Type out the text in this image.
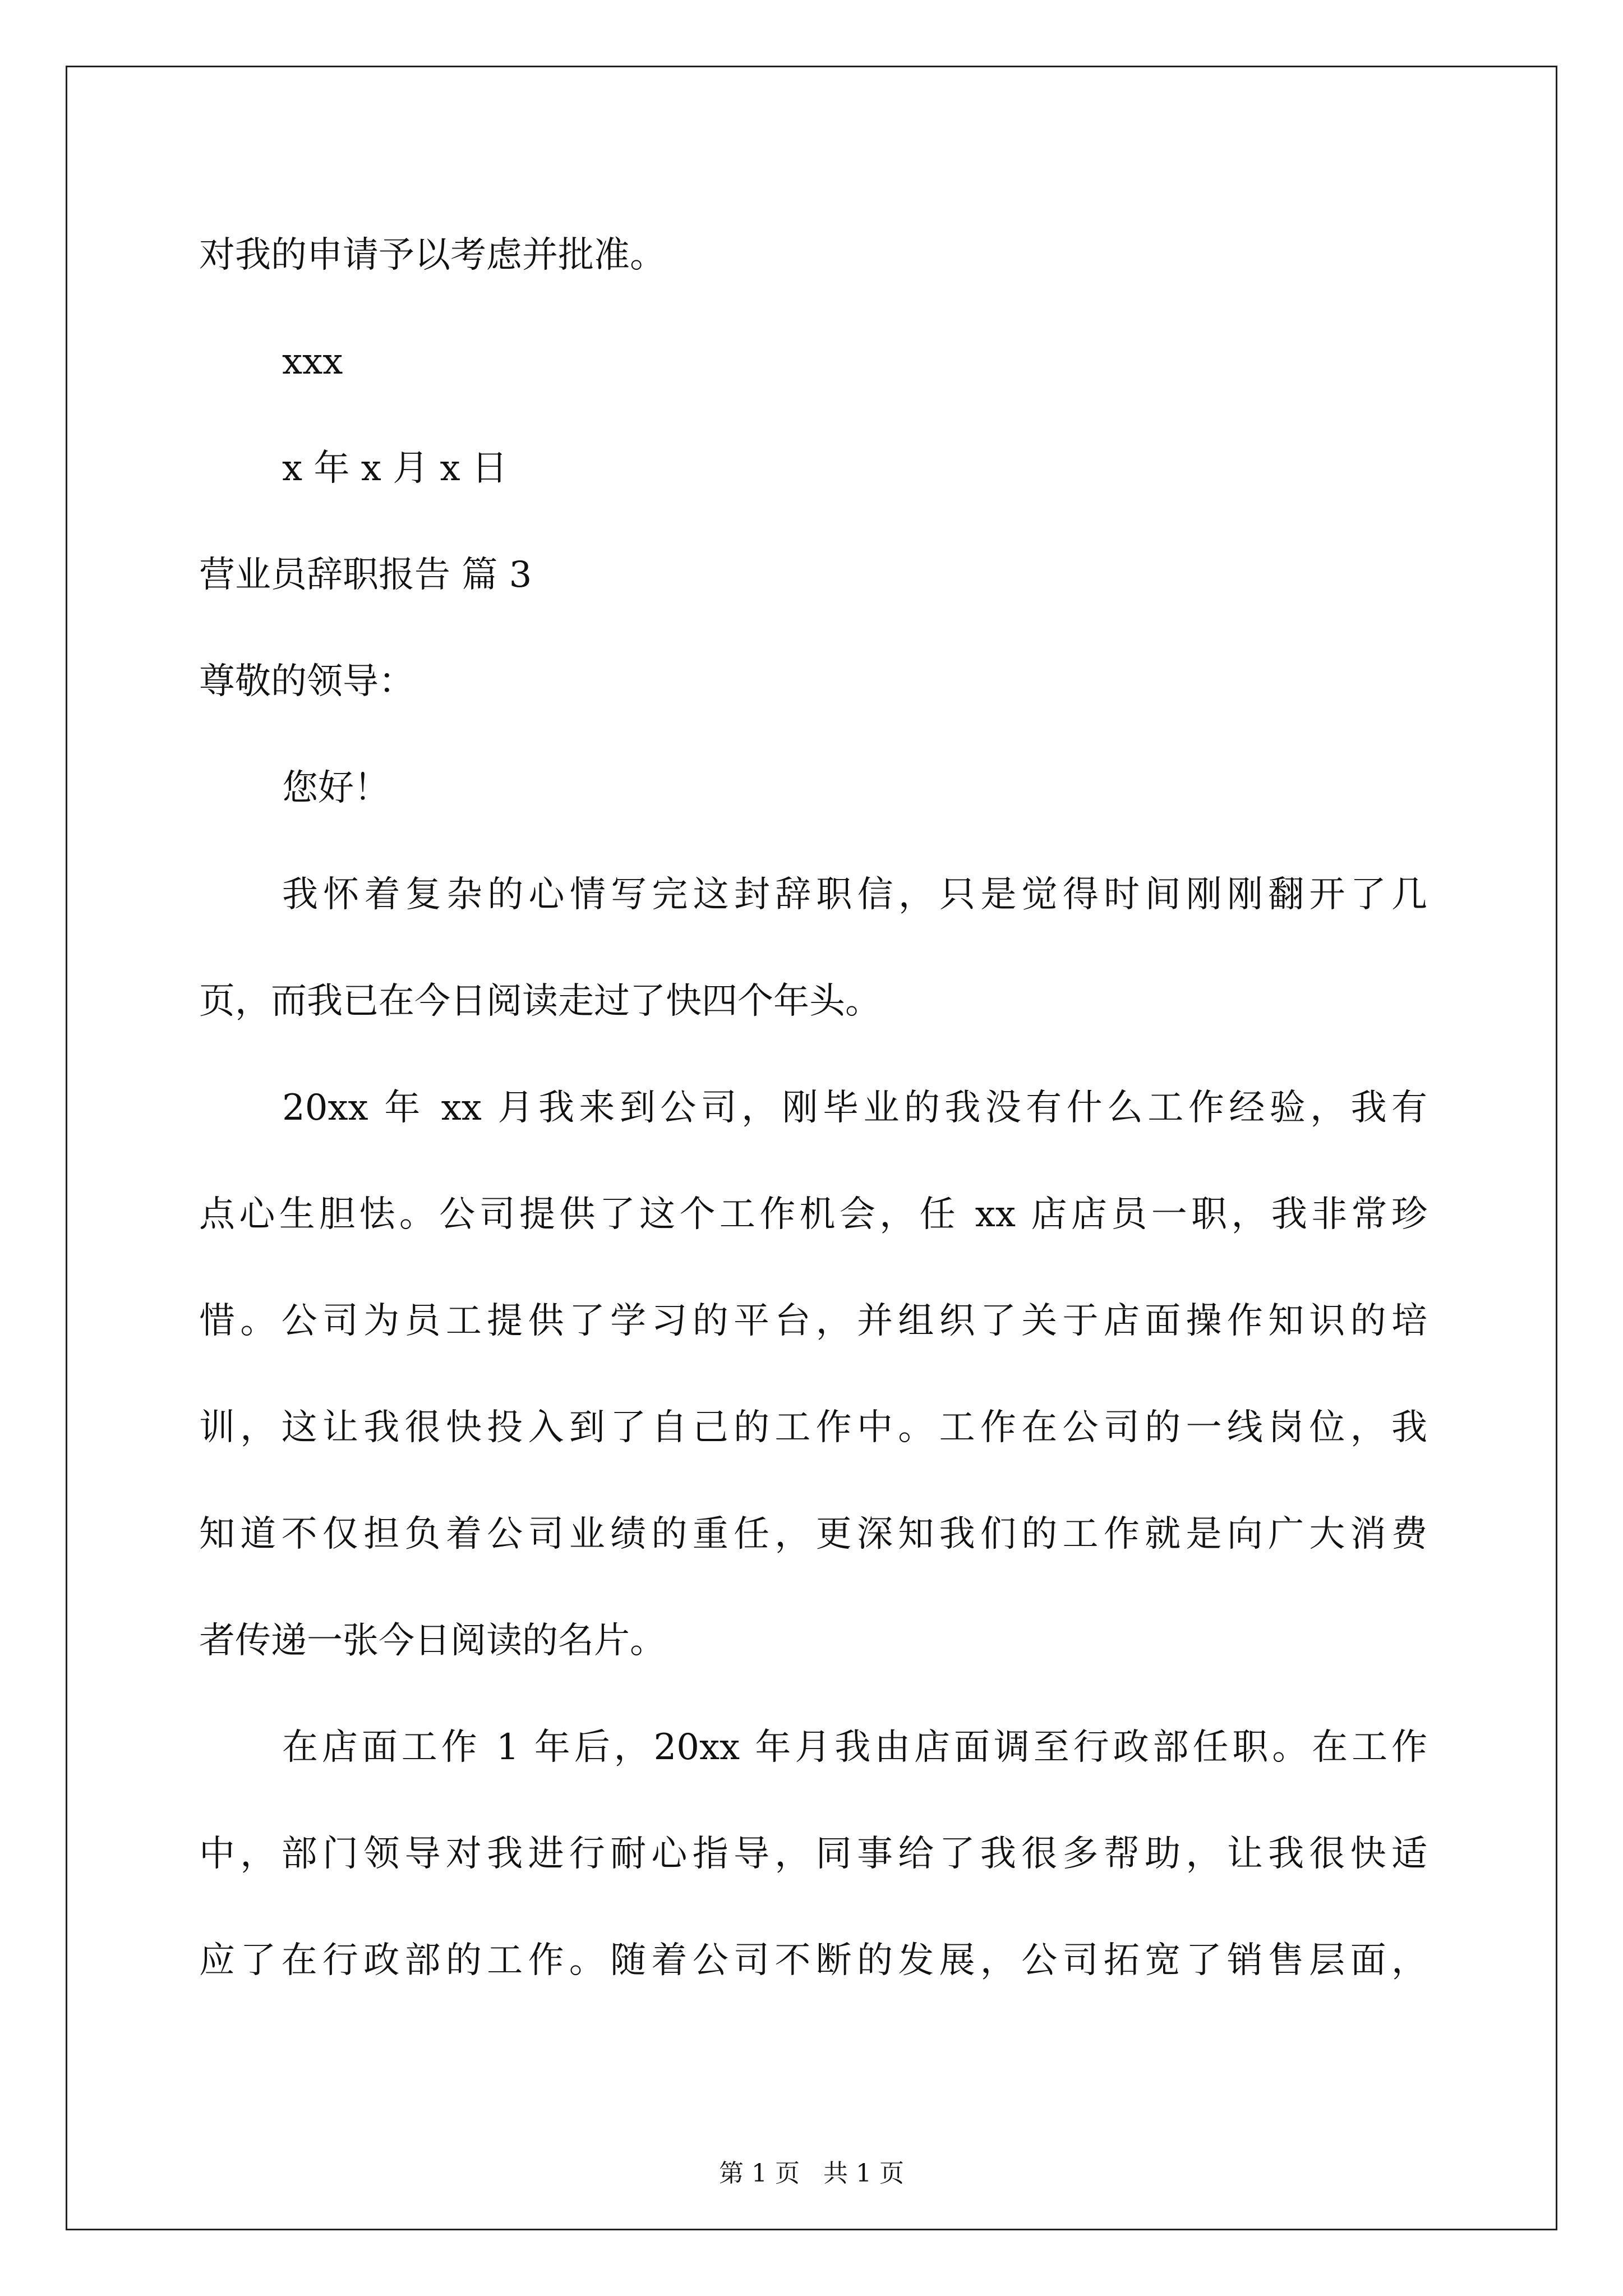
对我的申请予以考虑并批准。
xxx
x 年 x 月 x 日
营业员辞职报告 篇 3
尊敬的领导：
您好！
我怀着复杂的心情写完这封辞职信，只是觉得时间刚刚翻开了几
页，而我已在今日阅读走过了快四个年头。
20xx 年 xx 月我来到公司，刚毕业的我没有什么工作经验，我有
点心生胆怯。公司提供了这个工作机会，任 xx 店店员一职，我非常珍
惜。公司为员工提供了学习的平台，并组织了关于店面操作知识的培
训，这让我很快投入到了自己的工作中。工作在公司的一线岗位，我
知道不仅担负着公司业绩的重任，更深知我们的工作就是向广大消费
者传递一张今日阅读的名片。
在店面工作 1 年后，20xx 年月我由店面调至行政部任职。在工作
中，部门领导对我进行耐心指导，同事给了我很多帮助，让我很快适
应了在行政部的工作。随着公司不断的发展，公司拓宽了销售层面，
第 1 页   共 1 页
